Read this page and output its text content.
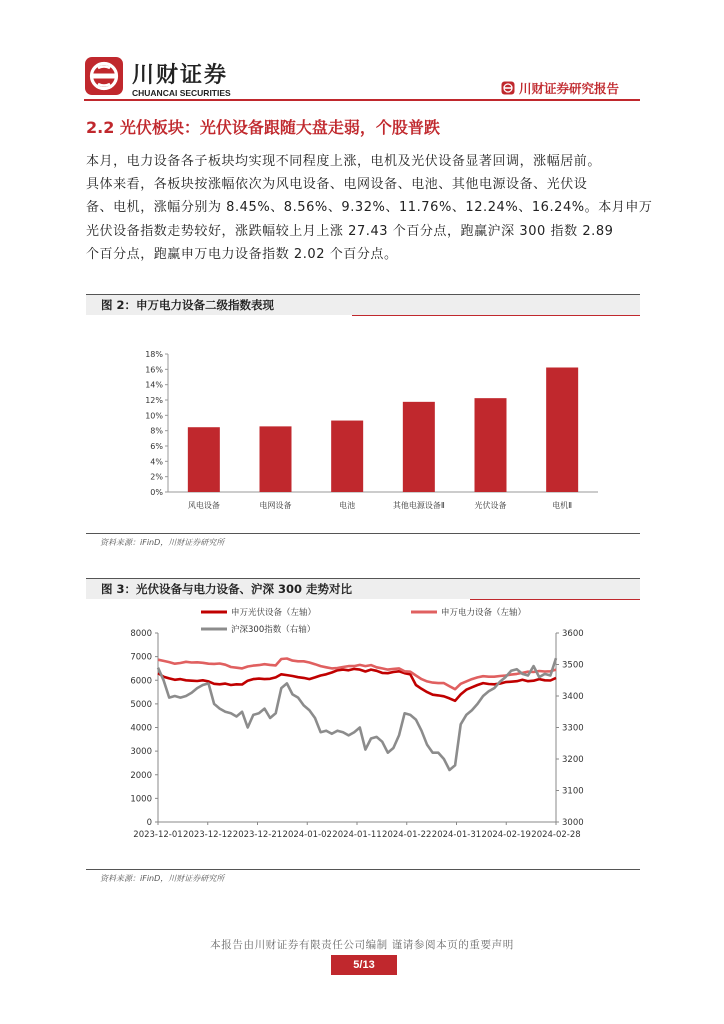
川财证券
CHUANCAI SECURITIES	川财证券研究报告
2.2 光伏板块：光伏设备跟随大盘走弱，个股普跌
本月，电力设备各子板块均实现不同程度上涨，电机及光伏设备显著回调，涨幅居前。
具体来看，各板块按涨幅依次为风电设备、电网设备、电池、其他电源设备、光伏设
备、电机，涨幅分别为 8.45%、8.56%、9.32%、11.76%、12.24%、16.24%。本月申万
光伏设备指数走势较好，涨跌幅较上月上涨 27.43 个百分点，跑赢沪深 300 指数 2.89
个百分点，跑赢申万电力设备指数 2.02 个百分点。
图 2：申万电力设备二级指数表现
0%
2%
4%
6%
8%
10%
12%
14%
16%
18%
风电设备	电网设备	电池	其他电源设备Ⅱ	光伏设备	电机Ⅱ
资料来源：iFinD，川财证券研究所
图 3：光伏设备与电力设备、沪深 300 走势对比
0
1000
2000
3000
4000
5000
6000
7000
8000
3000
3100
3200
3300
3400
3500
3600
2023-12-01 2023-12-12 2023-12-21 2024-01-02 2024-01-11 2024-01-22 2024-01-31 2024-02-19 2024-02-28
申万光伏设备（左轴）	申万电力设备（左轴）
沪深300指数（右轴）
资料来源：iFinD，川财证券研究所
本报告由川财证券有限责任公司编制 谨请参阅本页的重要声明
5/13
